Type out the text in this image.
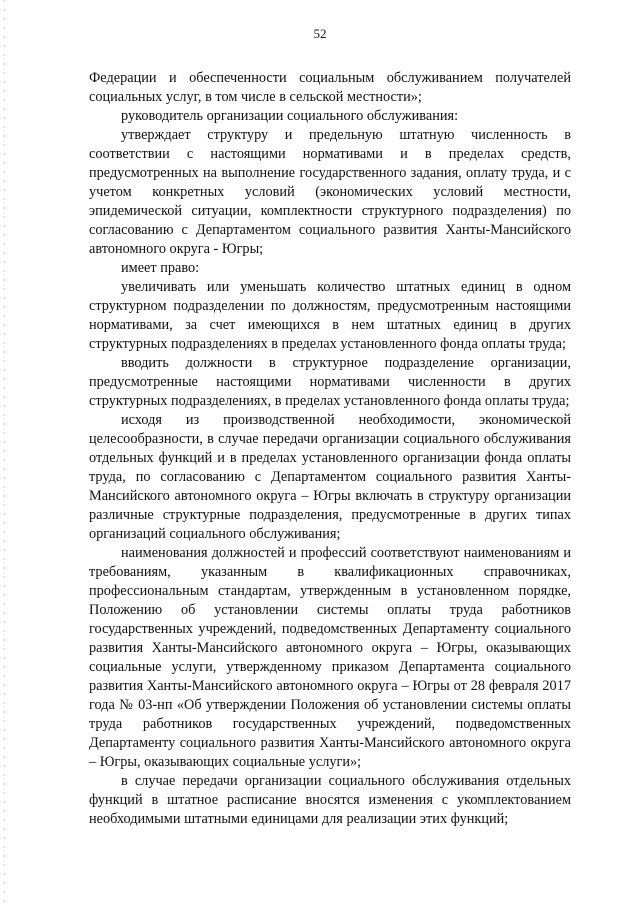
52

Федерации и обеспеченности социальным обслуживанием получателей социальных услуг, в том числе в сельской местности»;

руководитель организации социального обслуживания:

утверждает структуру и предельную штатную численность в соответствии с настоящими нормативами и в пределах средств, предусмотренных на выполнение государственного задания, оплату труда, и с учетом конкретных условий (экономических условий местности, эпидемической ситуации, комплектности структурного подразделения) по согласованию с Департаментом социального развития Ханты-Мансийского автономного округа - Югры;

имеет право:

увеличивать или уменьшать количество штатных единиц в одном структурном подразделении по должностям, предусмотренным настоящими нормативами, за счет имеющихся в нем штатных единиц в других структурных подразделениях в пределах установленного фонда оплаты труда;

вводить должности в структурное подразделение организации, предусмотренные настоящими нормативами численности в других структурных подразделениях, в пределах установленного фонда оплаты труда;

исходя из производственной необходимости, экономической целесообразности, в случае передачи организации социального обслуживания отдельных функций и в пределах установленного организации фонда оплаты труда, по согласованию с Департаментом социального развития Ханты-Мансийского автономного округа – Югры включать в структуру организации различные структурные подразделения, предусмотренные в других типах организаций социального обслуживания;

наименования должностей и профессий соответствуют наименованиям и требованиям, указанным в квалификационных справочниках, профессиональным стандартам, утвержденным в установленном порядке, Положению об установлении системы оплаты труда работников государственных учреждений, подведомственных Департаменту социального развития Ханты-Мансийского автономного округа – Югры, оказывающих социальные услуги, утвержденному приказом Департамента социального развития Ханты-Мансийского автономного округа – Югры от 28 февраля 2017 года № 03-нп «Об утверждении Положения об установлении системы оплаты труда работников государственных учреждений, подведомственных Департаменту социального развития Ханты-Мансийского автономного округа – Югры, оказывающих социальные услуги»;

в случае передачи организации социального обслуживания отдельных функций в штатное расписание вносятся изменения с укомплектованием необходимыми штатными единицами для реализации этих функций;
